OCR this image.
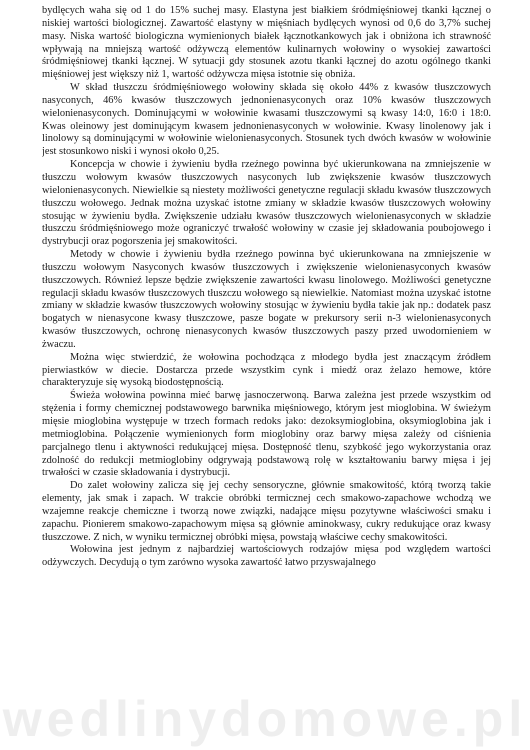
bydlęcych waha się od 1 do 15% suchej masy. Elastyna jest białkiem śródmięśniowej tkanki łącznej o niskiej wartości biologicznej. Zawartość elastyny w mięśniach bydlęcych wynosi od 0,6 do 3,7% suchej masy. Niska wartość biologiczna wymienionych białek łącznotkankowych jak i obniżona ich strawność wpływają na mniejszą wartość odżywczą elementów kulinarnych wołowiny o wysokiej zawartości śródmięśniowej tkanki łącznej. W sytuacji gdy stosunek azotu tkanki łącznej do azotu ogólnego tkanki mięśniowej jest większy niż 1, wartość odżywcza mięsa istotnie się obniża.

W skład tłuszczu śródmięśniowego wołowiny składa się około 44% z kwasów tłuszczowych nasyconych, 46% kwasów tłuszczowych jednonienasyconych oraz 10% kwasów tłuszczowych wielonienasyconych. Dominującymi w wołowinie kwasami tłuszczowymi są kwasy 14:0, 16:0 i 18:0. Kwas oleinowy jest dominującym kwasem jednonienasyconych w wołowinie. Kwasy linolenowy jak i linolowy są dominującymi w wołowinie wielonienasyconych. Stosunek tych dwóch kwasów w wołowinie jest stosunkowo niski i wynosi około 0,25.

Koncepcja w chowie i żywieniu bydła rzeźnego powinna być ukierunkowana na zmniejszenie w tłuszczu wołowym kwasów tłuszczowych nasyconych lub zwiększenie kwasów tłuszczowych wielonienasyconych. Niewielkie są niestety możliwości genetyczne regulacji składu kwasów tłuszczowych tłuszczu wołowego. Jednak można uzyskać istotne zmiany w składzie kwasów tłuszczowych wołowiny stosując w żywieniu bydła. Zwiększenie udziału kwasów tłuszczowych wielonienasyconych w składzie tłuszczu śródmięśniowego może ograniczyć trwałość wołowiny w czasie jej składowania poubojowego i dystrybucji oraz pogorszenia jej smakowitości.

Metody w chowie i żywieniu bydła rzeźnego powinna być ukierunkowana na zmniejszenie w tłuszczu wołowym Nasyconych kwasów tłuszczowych i zwiększenie wielonienasyconych kwasów tłuszczowych. Równieź lepsze będzie zwiększenie zawartości kwasu linolowego. Możliwości genetyczne regulacji składu kwasów tłuszczowych tłuszczu wołowego są niewielkie. Natomiast można uzyskać istotne zmiany w składzie kwasów tłuszczowych wołowiny stosując w żywieniu bydła takie jak np.: dodatek pasz bogatych w nienasycone kwasy tłuszczowe, pasze bogate w prekursory serii n-3 wielonienasyconych kwasów tłuszczowych, ochronę nienasyconych kwasów tłuszczowych paszy przed uwodornieniem w żwaczu.

Można więc stwierdzić, że wołowina pochodząca z młodego bydła jest znaczącym źródłem pierwiastków w diecie. Dostarcza przede wszystkim cynk i miedź oraz żelazo hemowe, które charakteryzuje się wysoką biodostępnością.

Świeża wołowina powinna mieć barwę jasnoczerwoną. Barwa zależna jest przede wszystkim od stężenia i formy chemicznej podstawowego barwnika mięśniowego, którym jest mioglobina. W świeżym mięsie mioglobina występuje w trzech formach redoks jako: dezoksymioglobina, oksymioglobina jak i metmioglobina. Połączenie wymienionych form mioglobiny oraz barwy mięsa zależy od ciśnienia parcjalnego tlenu i aktywności redukującej mięsa. Dostępność tlenu, szybkość jego wykorzystania oraz zdolność do redukcji metmioglobiny odgrywają podstawową rolę w kształtowaniu barwy mięsa i jej trwałości w czasie składowania i dystrybucji.

Do zalet wołowiny zalicza się jej cechy sensoryczne, głównie smakowitość, którą tworzą takie elementy, jak smak i zapach. W trakcie obróbki termicznej cech smakowo-zapachowe wchodzą we wzajemne reakcje chemiczne i tworzą nowe związki, nadające mięsu pozytywne właściwości smaku i zapachu. Pionierem smakowo-zapachowym mięsa są głównie aminokwasy, cukry redukujące oraz kwasy tłuszczowe. Z nich, w wyniku termicznej obróbki mięsa, powstają właściwe cechy smakowitości.

Wołowina jest jednym z najbardziej wartościowych rodzajów mięsa pod względem wartości odżywczych. Decydują o tym zarówno wysoka zawartość łatwo przyswajalnego

wedlinydomowe.pl
